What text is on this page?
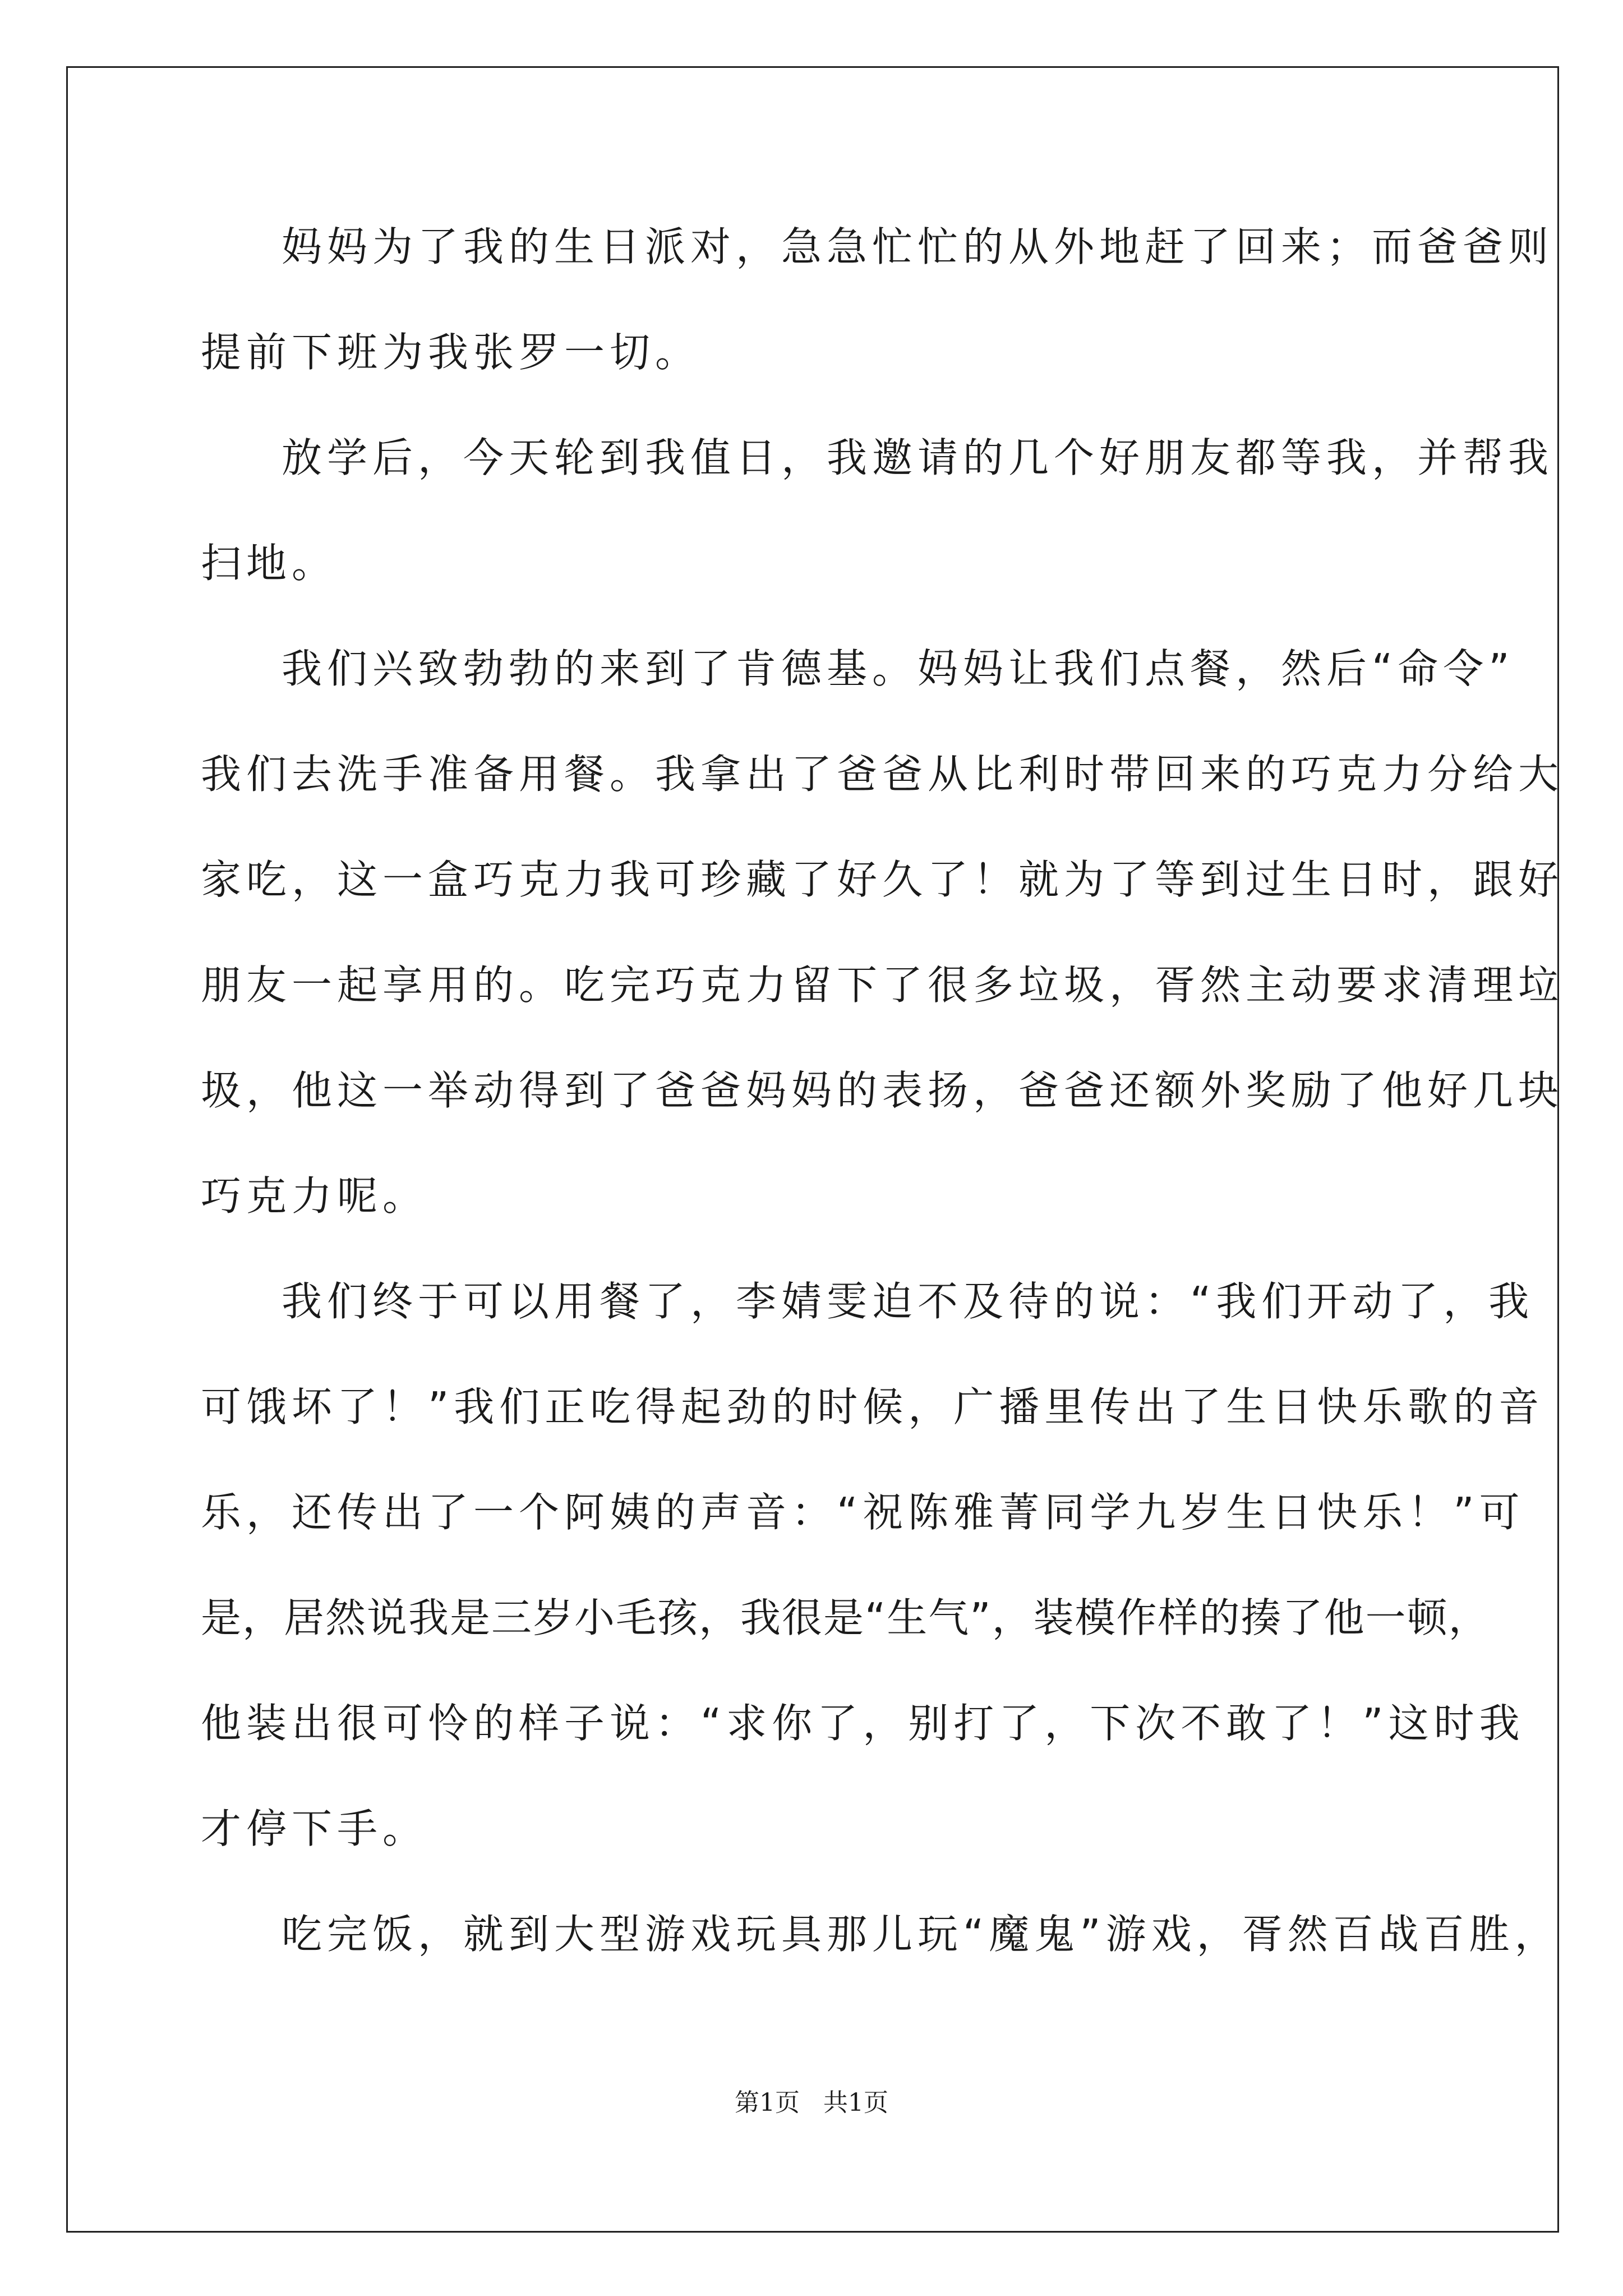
妈妈为了我的生日派对，急急忙忙的从外地赶了回来；而爸爸则
提前下班为我张罗一切。
放学后，今天轮到我值日，我邀请的几个好朋友都等我，并帮我
扫地。
我们兴致勃勃的来到了肯德基。妈妈让我们点餐，然后“命令”
我们去洗手准备用餐。我拿出了爸爸从比利时带回来的巧克力分给大
家吃，这一盒巧克力我可珍藏了好久了！就为了等到过生日时，跟好
朋友一起享用的。吃完巧克力留下了很多垃圾，胥然主动要求清理垃
圾，他这一举动得到了爸爸妈妈的表扬，爸爸还额外奖励了他好几块
巧克力呢。
我们终于可以用餐了，李婧雯迫不及待的说：“我们开动了，我
可饿坏了！”我们正吃得起劲的时候，广播里传出了生日快乐歌的音
乐，还传出了一个阿姨的声音：“祝陈雅菁同学九岁生日快乐！”可
是，居然说我是三岁小毛孩，我很是“生气”，装模作样的揍了他一顿，
他装出很可怜的样子说：“求你了，别打了，下次不敢了！”这时我
才停下手。
吃完饭，就到大型游戏玩具那儿玩“魔鬼”游戏，胥然百战百胜，
第1页 共1页
